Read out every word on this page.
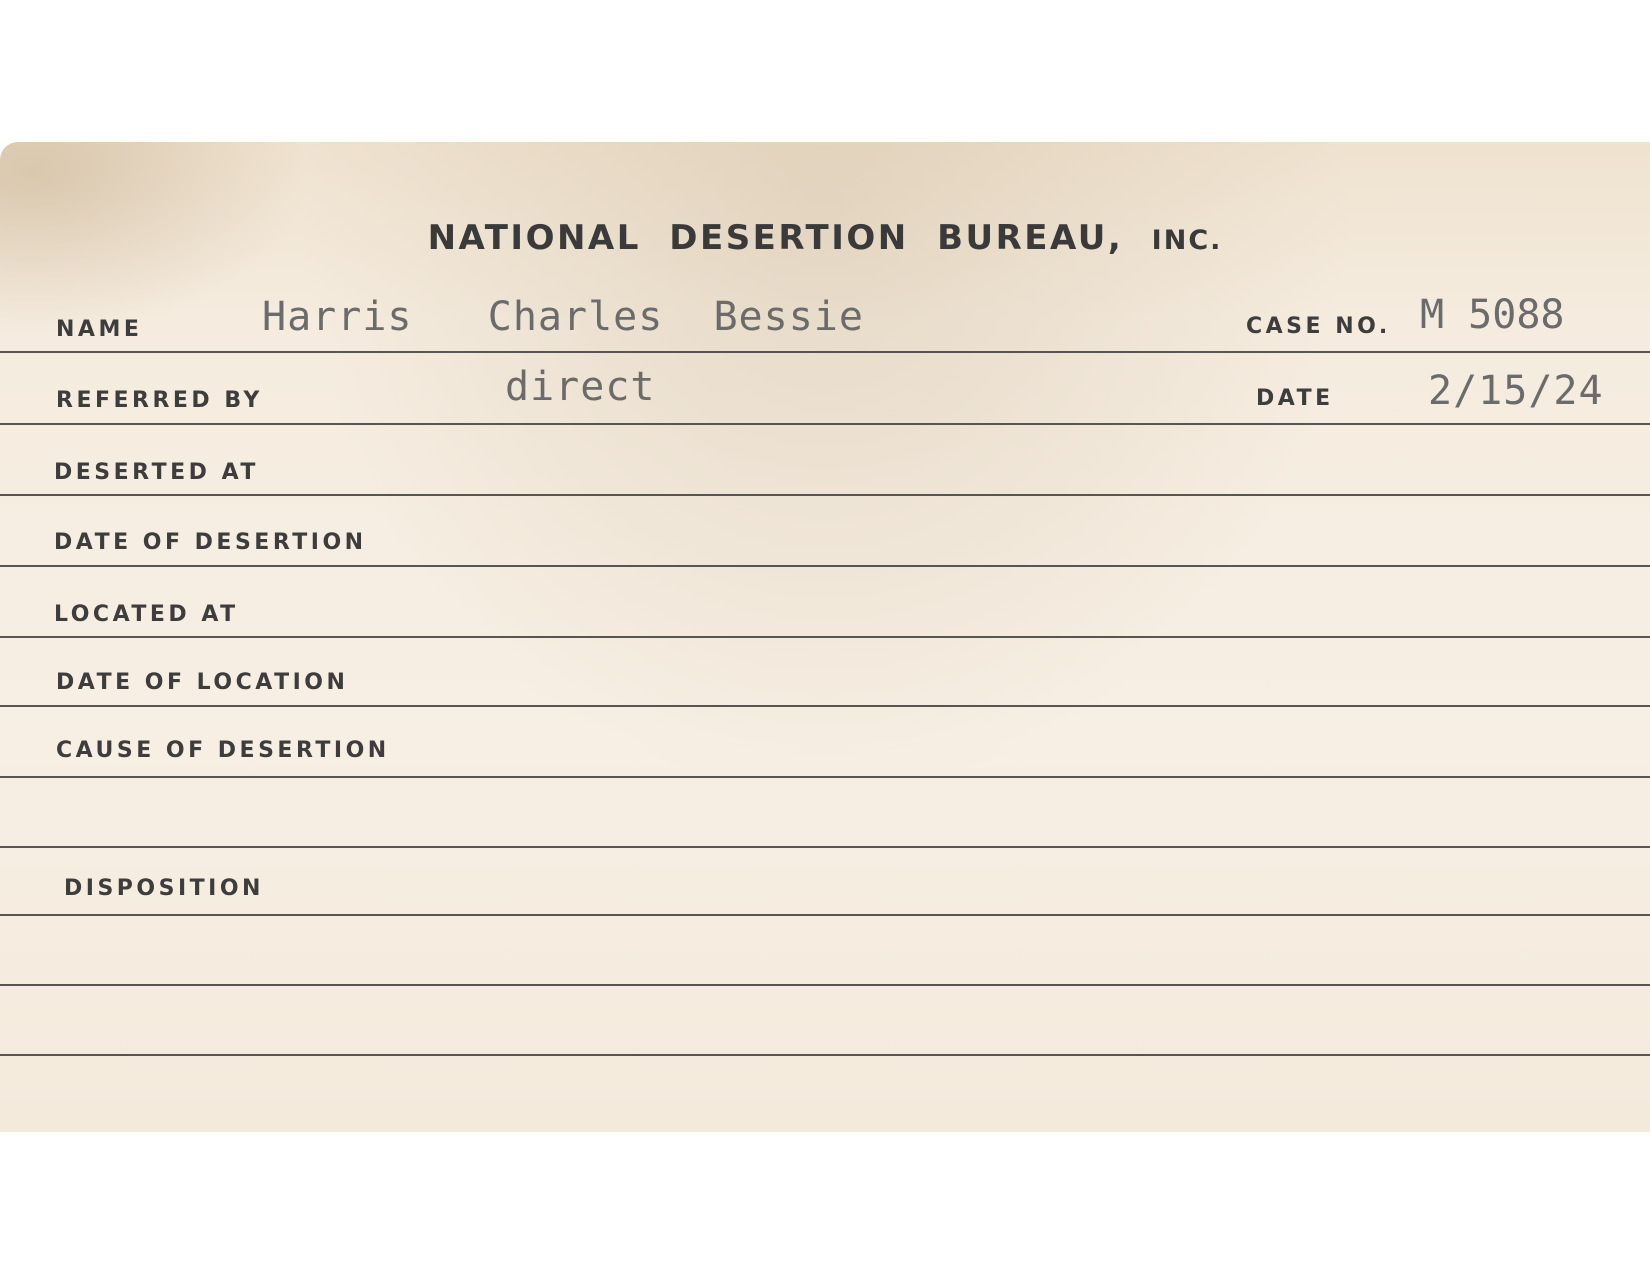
NATIONAL DESERTION BUREAU, INC.
NAME	Harris   Charles  Bessie	CASE NO. M 5088
REFERRED BY	direct	DATE 2/15/24
DESERTED AT
DATE OF DESERTION
LOCATED AT
DATE OF LOCATION
CAUSE OF DESERTION
DISPOSITION
